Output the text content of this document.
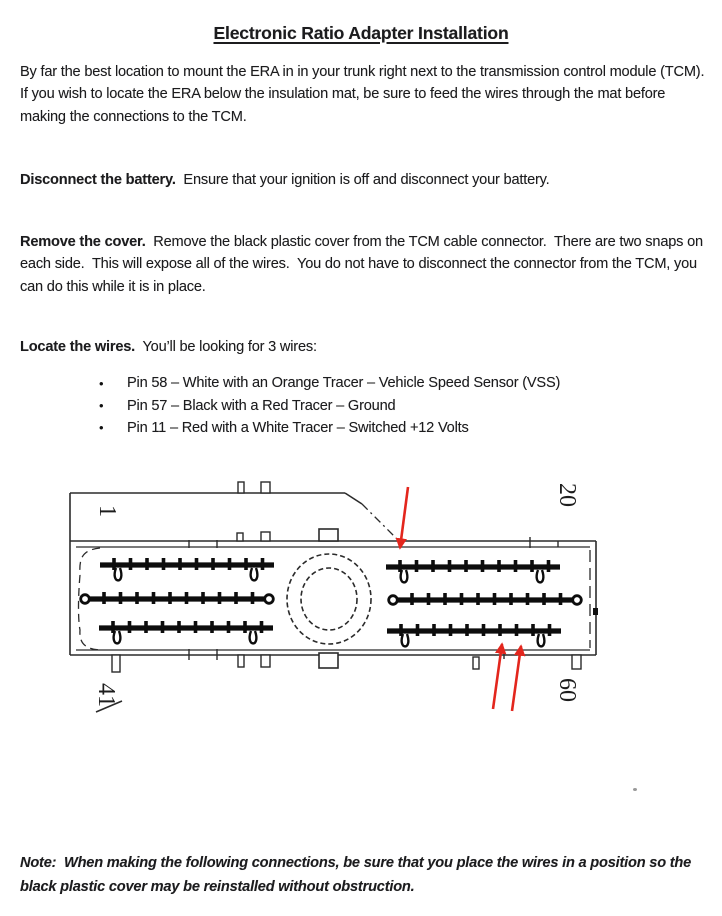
Electronic Ratio Adapter Installation

By far the best location to mount the ERA in in your trunk right next to the transmission control module (TCM).  If you wish to locate the ERA below the insulation mat, be sure to feed the wires through the mat before making the connections to the TCM.

Disconnect the battery.  Ensure that your ignition is off and disconnect your battery.

Remove the cover.  Remove the black plastic cover from the TCM cable connector.  There are two snaps on each side.  This will expose all of the wires.  You do not have to disconnect the connector from the TCM, you can do this while it is in place.

Locate the wires.  You’ll be looking for 3 wires:

•	Pin 58 – White with an Orange Tracer – Vehicle Speed Sensor (VSS)
•	Pin 57 – Black with a Red Tracer – Ground
•	Pin 11 – Red with a White Tracer – Switched +12 Volts
1
20
41	60

Note:  When making the following connections, be sure that you place the wires in a position so the black plastic cover may be reinstalled without obstruction.
